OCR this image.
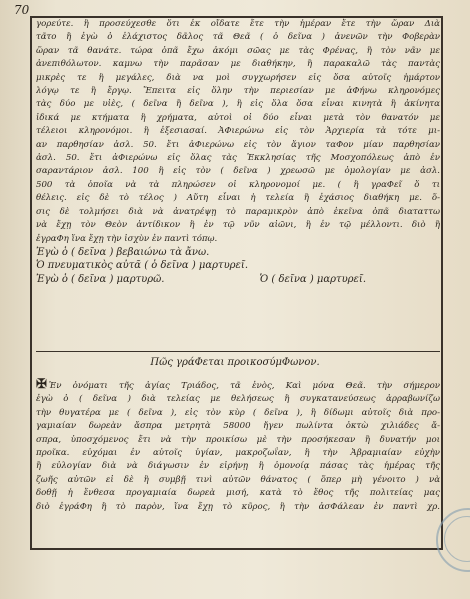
70
γορεύτε. ἢ προσεύχεσθε ὅτι ἐκ οἴδατε ἔτε τὴν ἡμέραν ἔτε τὴν ὥραν Διὰ
τᾶτο ἢ ἐγὼ ὁ ἐλάχιστος δᾶλος τᾶ Θεᾶ ( ὁ δεῖνα ) ἀνενῶν τὴν Φοβερὰν
ὥραν τᾶ θανάτε. τώρα ὁπᾶ ἔχω ἀκόμι σῶας με τὰς Φρένας, ἢ τὸν νᾶν με
ἀνεπιθόλωτον. καμνω τὴν παρᾶσαν με διαθήκην, ἢ παρακαλῶ τὰς παντὰς
μικρὲς τε ἢ μεγάλες, διὰ να μοὶ συγχωρήσεν εἰς ὅσα αὐτοῖς ἡμάρτον
λόγῳ τε ἢ ἔργῳ. Ἔπειτα εἰς ὅλην τὴν περιεσίαν με ἀΦήνω κληρονόμες
τὰς δύο με υἱὲς, ( δεῖνα ἢ δεῖνα ), ἢ εἰς ὅλα ὅσα εἶναι κινητὰ ἢ ἀκίνητα
ἰδικά με κτήματα ἢ χρήματα, αὐτοὶ οἱ δύο εἶναι μετὰ τὸν θανατόν με
τέλειοι κληρονόμοι. ἢ ἐξεσιασαί. ἈΦιερώνω εἰς τὸν Ἀρχιερία τὰ τότε μι-
αν παρθησίαν ἀσλ. 50. ἔτι ἀΦιερώνω εἰς τὸν ἅγιον ταΦον μίαν παρθησίαν
ἀσλ. 50. ἔτι ἀΦιερώνω εἰς ὅλας τὰς Ἐκκλησίας τῆς Μοσχοπόλεως ἀπὸ ἐν
σαραντάριον ἀσλ. 100 ἢ εἰς τὸν ( δεῖνα ) χρεωσῶ με ὁμολογίαν με ἀσλ.
500 τὰ ὁποῖα νὰ τὰ πληρώσεν οἱ κληρονομοί με. ( ἢ γραΦεῖ ὅ τι
θέλεις. εἰς δὲ τὸ τέλος ) Αὕτη εἶναι ἡ τελεία ἢ ἐχάσιος διαθήκη με. ὅ-
σις δὲ τολμήσει διὰ νὰ ἀνατρέψῃ τὸ παραμικρὸν ἀπὸ ἐκεῖνα ὁπᾶ διαταττω
νὰ ἔχῃ τὸν Θεὸν ἀντίδικον ἢ ἐν τῷ νῦν αἰῶνι, ἢ ἐν τῷ μέλλοντι. διὸ ἢ
ἐγραΦη ἵνα ἔχῃ τὴν ἰσχὺν ἐν παντὶ τόπῳ.
Ἐγὼ ὁ ( δεῖνα ) βεβαιώνω τὰ ἄνω.
Ὁ πνευματικὸς αὐτᾶ ( ὁ δεῖνα ) μαρτυρεῖ.
Ἐγὼ ὁ ( δεῖνα ) μαρτυρῶ.	Ὁ ( δεῖνα ) μαρτυρεῖ.
Πῶς γράΦεται προικοσύμΦωνον.
✠ Ἐν ὀνόματι τῆς ἁγίας Τριάδος, τᾶ ἑνὸς, Καὶ μόνα Θεᾶ. τὴν σήμερον
ἐγὼ ὁ ( δεῖνα ) διὰ τελείας με θελήσεως ἢ συγκατανεύσεως ἀρραβωνίζω
τὴν θυγατέρα με ( δεῖνα ), εἰς τὸν κὺρ ( δεῖνα ), ἢ δίδωμι αὐτοῖς διὰ προ-
γαμιαίαν δωρεὰν ἄσπρα μετρητὰ 58000 ἤγεν πωλίντα ὀκτὼ χιλιάδες ἄ-
σπρα, ὑποσχόμενος ἔτι νὰ τὴν προικίσω μὲ τὴν προσήκεσαν ἢ δυνατήν μοι
προῖκα. εὐχόμαι ἐν αὐτοῖς ὑγίαν, μακροζωΐαν, ἢ τὴν Ἀβραμιαίαν εὐχὴν
ἢ εὐλογίαν διὰ νὰ διάγωσιν ἐν εἰρήνῃ ἢ ὁμονοίᾳ πάσας τὰς ἡμέρας τῆς
ζωῆς αὐτῶν εἰ δὲ ἢ συμβῇ τινὶ αὐτῶν θάνατος ( ὅπερ μὴ γένοιτο ) νὰ
δοθῇ ἡ ἔνθεσα προγαμιαία δωρεὰ μισή, κατὰ τὸ ἔθος τῆς πολιτείας μας
διὸ ἐγράΦη ἢ τὸ παρὸν, ἵνα ἔχῃ τὸ κῦρος, ἢ τὴν ἀσΦάλεαν ἐν παντὶ χρ.
